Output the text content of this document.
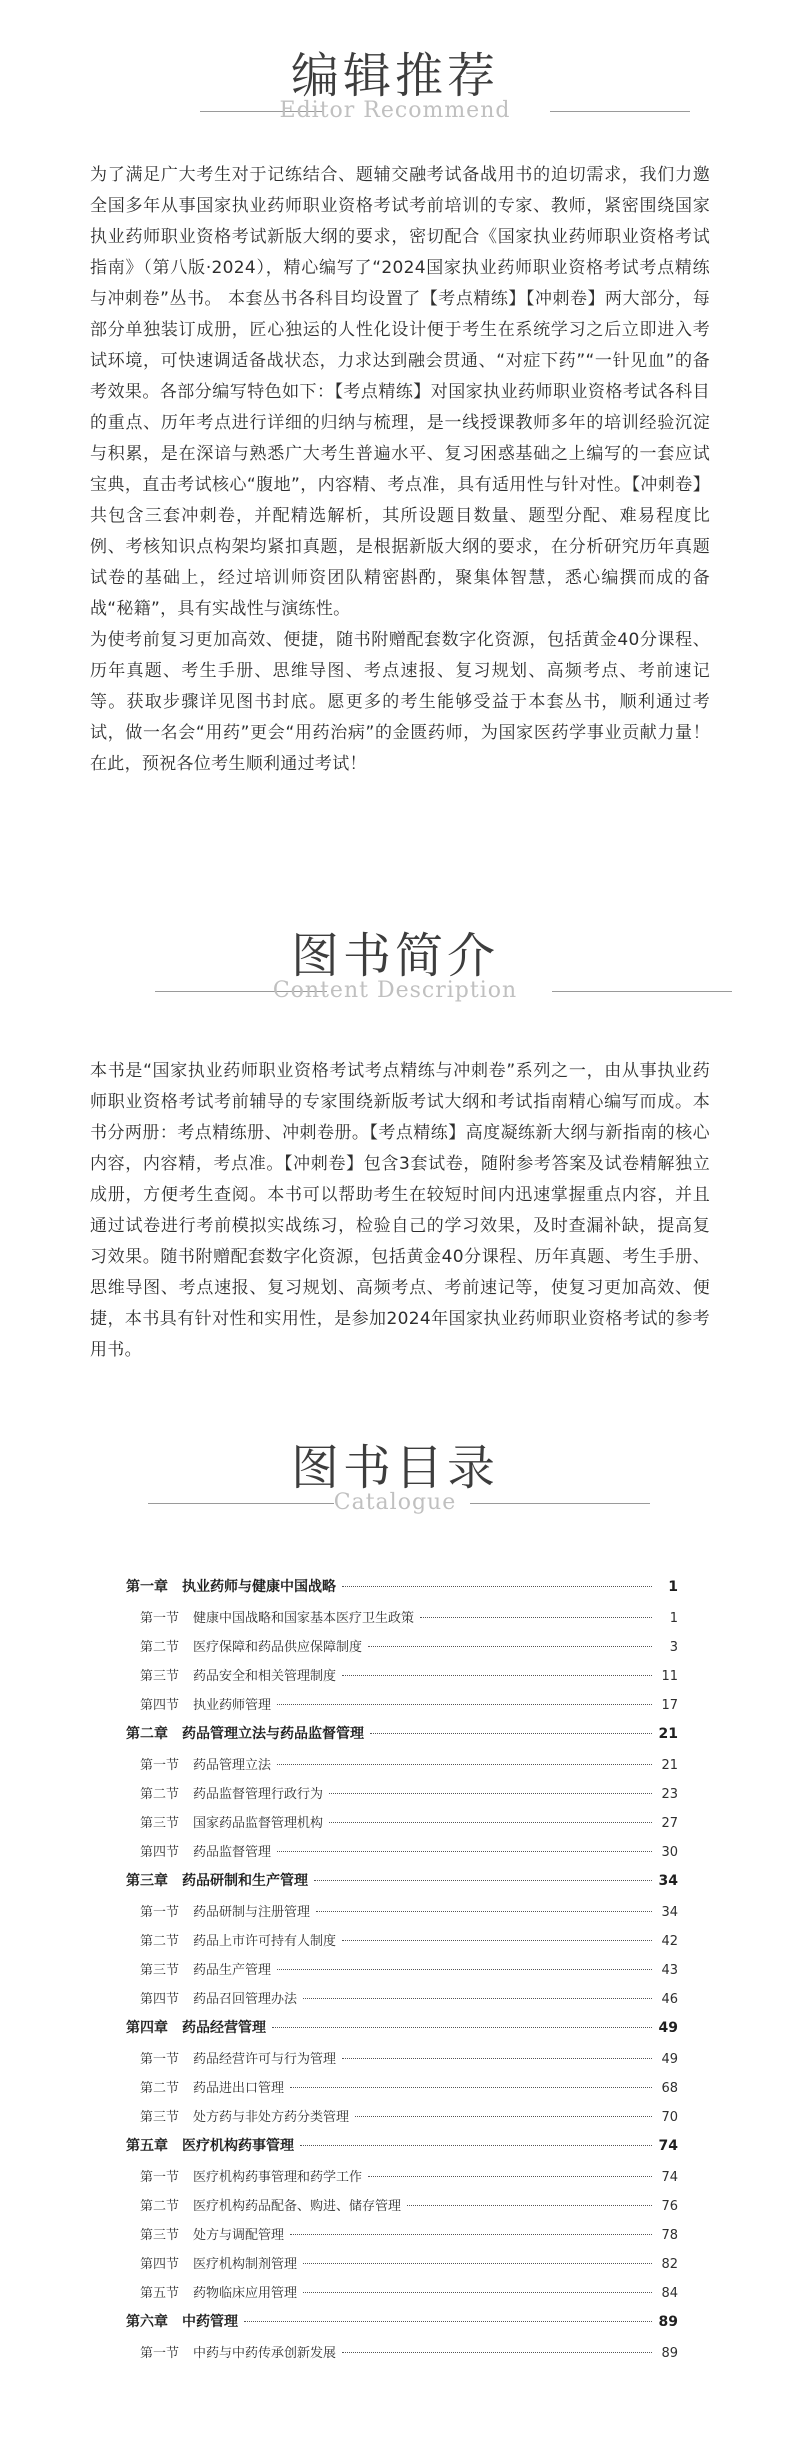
编辑推荐
Editor Recommend

为了满足广大考生对于记练结合、题辅交融考试备战用书的迫切需求，我们力邀全国多年从事国家执业药师职业资格考试考前培训的专家、教师，紧密围绕国家执业药师职业资格考试新版大纲的要求，密切配合《国家执业药师职业资格考试指南》（第八版·2024），精心编写了“2024国家执业药师职业资格考试考点精练与冲刺卷”丛书。 本套丛书各科目均设置了【考点精练】【冲刺卷】两大部分，每部分单独装订成册，匠心独运的人性化设计便于考生在系统学习之后立即进入考试环境，可快速调适备战状态，力求达到融会贯通、“对症下药”“一针见血”的备考效果。各部分编写特色如下：【考点精练】对国家执业药师职业资格考试各科目的重点、历年考点进行详细的归纳与梳理，是一线授课教师多年的培训经验沉淀与积累，是在深谙与熟悉广大考生普遍水平、复习困惑基础之上编写的一套应试宝典，直击考试核心“腹地”，内容精、考点准，具有适用性与针对性。【冲刺卷】共包含三套冲刺卷，并配精选解析，其所设题目数量、题型分配、难易程度比例、考核知识点构架均紧扣真题，是根据新版大纲的要求，在分析研究历年真题试卷的基础上，经过培训师资团队精密斟酌，聚集体智慧，悉心编撰而成的备战“秘籍”，具有实战性与演练性。

为使考前复习更加高效、便捷，随书附赠配套数字化资源，包括黄金40分课程、历年真题、考生手册、思维导图、考点速报、复习规划、高频考点、考前速记等。获取步骤详见图书封底。愿更多的考生能够受益于本套丛书，顺利通过考试，做一名会“用药”更会“用药治病”的金匮药师，为国家医药学事业贡献力量！在此，预祝各位考生顺利通过考试！

图书简介
Content Description

本书是“国家执业药师职业资格考试考点精练与冲刺卷”系列之一，由从事执业药师职业资格考试考前辅导的专家围绕新版考试大纲和考试指南精心编写而成。本书分两册：考点精练册、冲刺卷册。【考点精练】高度凝练新大纲与新指南的核心内容，内容精，考点准。【冲刺卷】包含3套试卷，随附参考答案及试卷精解独立成册，方便考生查阅。本书可以帮助考生在较短时间内迅速掌握重点内容，并且通过试卷进行考前模拟实战练习，检验自己的学习效果，及时查漏补缺，提高复习效果。随书附赠配套数字化资源，包括黄金40分课程、历年真题、考生手册、思维导图、考点速报、复习规划、高频考点、考前速记等，使复习更加高效、便捷，本书具有针对性和实用性，是参加2024年国家执业药师职业资格考试的参考用书。

图书目录
Catalogue
第一章 执业药师与健康中国战略	1
第一节 健康中国战略和国家基本医疗卫生政策	1
第二节 医疗保障和药品供应保障制度	3
第三节 药品安全和相关管理制度	11
第四节 执业药师管理	17
第二章 药品管理立法与药品监督管理	21
第一节 药品管理立法	21
第二节 药品监督管理行政行为	23
第三节 国家药品监督管理机构	27
第四节 药品监督管理	30
第三章 药品研制和生产管理	34
第一节 药品研制与注册管理	34
第二节 药品上市许可持有人制度	42
第三节 药品生产管理	43
第四节 药品召回管理办法	46
第四章 药品经营管理	49
第一节 药品经营许可与行为管理	49
第二节 药品进出口管理	68
第三节 处方药与非处方药分类管理	70
第五章 医疗机构药事管理	74
第一节 医疗机构药事管理和药学工作	74
第二节 医疗机构药品配备、购进、储存管理	76
第三节 处方与调配管理	78
第四节 医疗机构制剂管理	82
第五节 药物临床应用管理	84
第六章 中药管理	89
第一节 中药与中药传承创新发展	89
